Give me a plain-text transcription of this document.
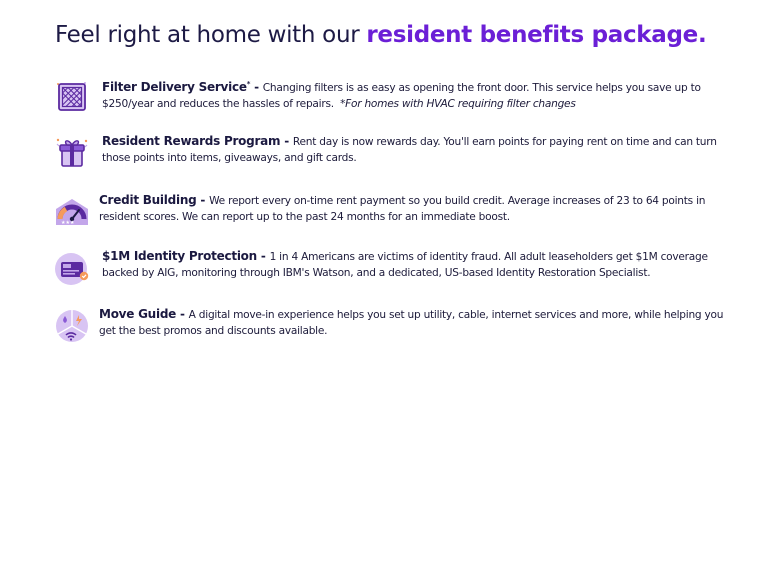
Feel right at home with our resident benefits package.
Filter Delivery Service* - Changing filters is as easy as opening the front door. This service helps you save up to $250/year and reduces the hassles of repairs. *For homes with HVAC requiring filter changes
Resident Rewards Program - Rent day is now rewards day. You'll earn points for paying rent on time and can turn those points into items, giveaways, and gift cards.
★★★
Credit Building - We report every on-time rent payment so you build credit. Average increases of 23 to 64 points in resident scores. We can report up to the past 24 months for an immediate boost.
$1M Identity Protection - 1 in 4 Americans are victims of identity fraud. All adult leaseholders get $1M coverage backed by AIG, monitoring through IBM's Watson, and a dedicated, US-based Identity Restoration Specialist.
Move Guide - A digital move-in experience helps you set up utility, cable, internet services and more, while helping you get the best promos and discounts available.
